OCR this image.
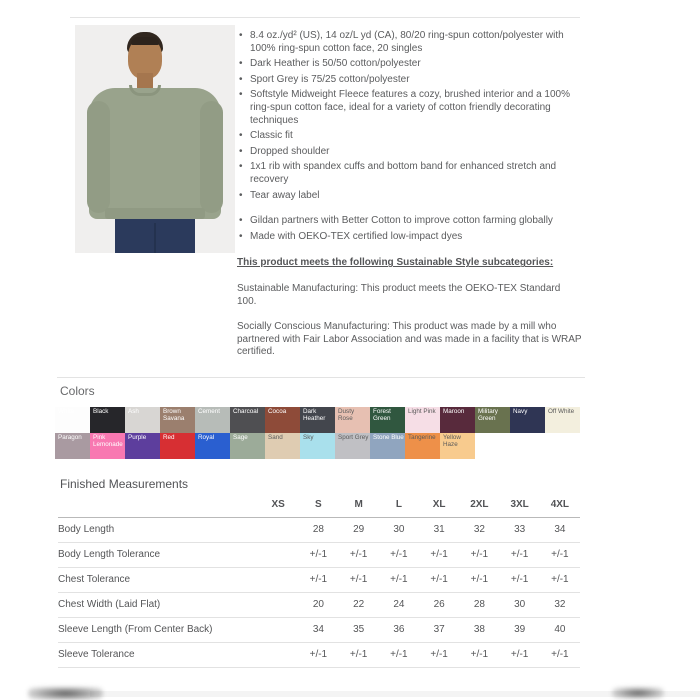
• 8.4 oz./yd² (US), 14 oz/L yd (CA), 80/20 ring-spun cotton/polyester with 100% ring-spun cotton face, 20 singles
• Dark Heather is 50/50 cotton/polyester
• Sport Grey is 75/25 cotton/polyester
• Softstyle Midweight Fleece features a cozy, brushed interior and a 100% ring-spun cotton face, ideal for a variety of cotton friendly decorating techniques
• Classic fit
• Dropped shoulder
• 1x1 rib with spandex cuffs and bottom band for enhanced stretch and recovery
• Tear away label
• Gildan partners with Better Cotton to improve cotton farming globally
• Made with OEKO-TEX certified low-impact dyes
This product meets the following Sustainable Style subcategories:

Sustainable Manufacturing: This product meets the OEKO-TEX Standard 100.

Socially Conscious Manufacturing: This product was made by a mill who partnered with Fair Labor Association and was made in a facility that is WRAP certified.

Colors
White	Black	Ash	Brown Savana
Cement	Charcoal	Cocoa	Dark Heather
Dusty Rose
Forest Green
Light Pink	Maroon	Military Green
Navy	Off White
Paragon	Pink Lemonade
Purple	Red	Royal	Sage	Sand	Sky	Sport Grey Stone Blue Tangerine	Yellow Haze
Finished Measurements
	XS	S	M	L	XL	2XL	3XL	4XL
Body Length		28	29	30	31	32	33	34
Body Length Tolerance		+/-1	+/-1	+/-1	+/-1	+/-1	+/-1	+/-1
Chest Tolerance		+/-1	+/-1	+/-1	+/-1	+/-1	+/-1	+/-1
Chest Width (Laid Flat)		20	22	24	26	28	30	32
Sleeve Length (From Center Back)		34	35	36	37	38	39	40
Sleeve Tolerance		+/-1	+/-1	+/-1	+/-1	+/-1	+/-1	+/-1
